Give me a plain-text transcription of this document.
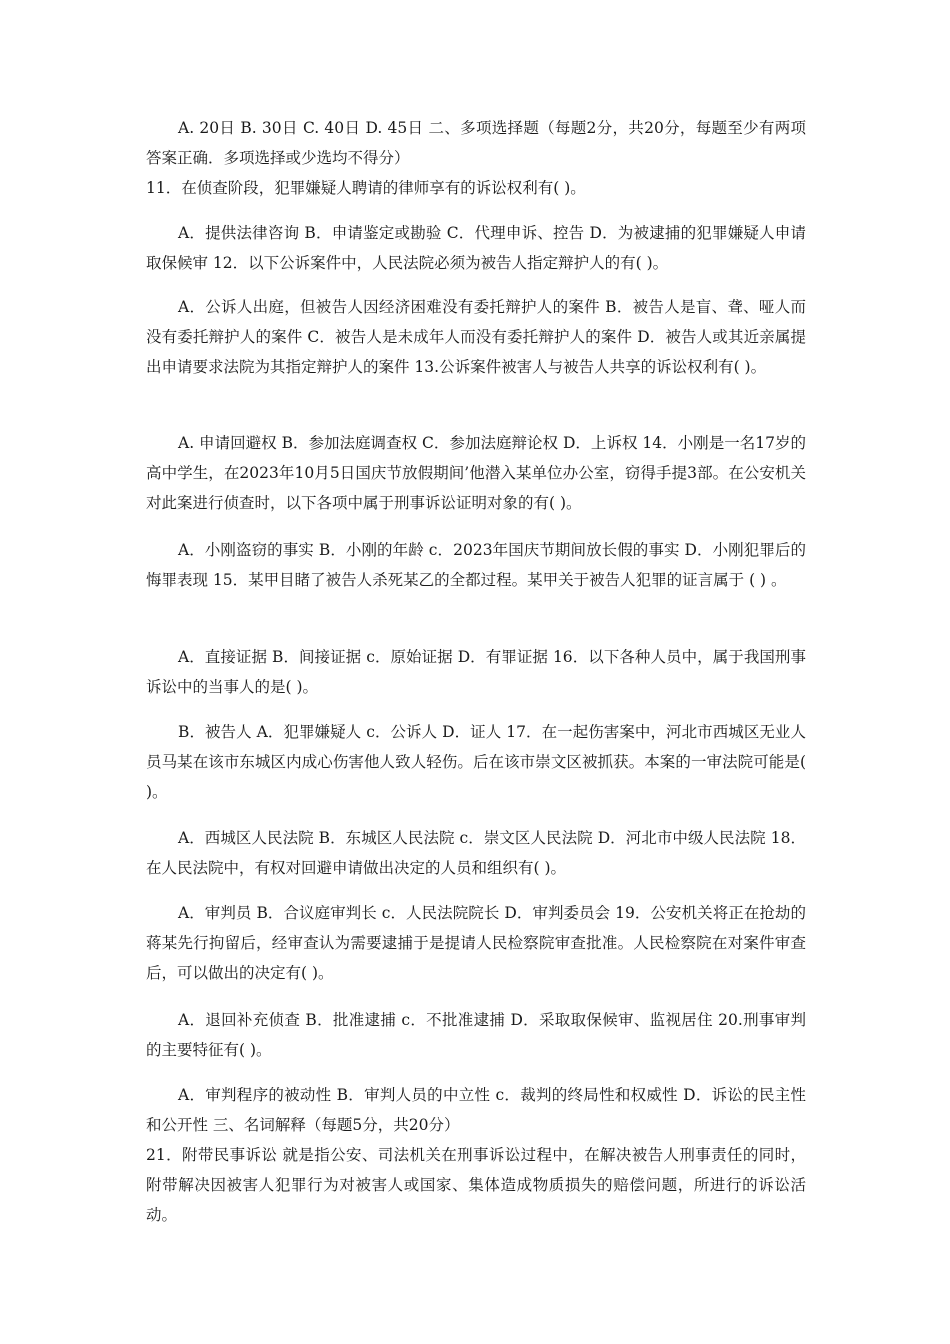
A. 20日 B. 30日 C. 40日 D. 45日 二、多项选择题（每题2分，共20分，每题至少有两项答案正确．多项选择或少选均不得分）

11．在侦查阶段，犯罪嫌疑人聘请的律师享有的诉讼权利有( )。

A．提供法律咨询 B．申请鉴定或勘验 C．代理申诉、控告 D．为被逮捕的犯罪嫌疑人申请取保候审 12．以下公诉案件中，人民法院必须为被告人指定辩护人的有( )。

A．公诉人出庭，但被告人因经济困难没有委托辩护人的案件 B．被告人是盲、聋、哑人而没有委托辩护人的案件 C．被告人是未成年人而没有委托辩护人的案件 D．被告人或其近亲属提出申请要求法院为其指定辩护人的案件 13.公诉案件被害人与被告人共享的诉讼权利有( )。

A. 申请回避权 B．参加法庭调查权 C．参加法庭辩论权 D．上诉权 14．小刚是一名17岁的高中学生，在2023年10月5日国庆节放假期间’他潜入某单位办公室，窃得手提3部。在公安机关对此案进行侦查时，以下各项中属于刑事诉讼证明对象的有( )。

A．小刚盗窃的事实 B．小刚的年龄 c．2023年国庆节期间放长假的事实 D．小刚犯罪后的悔罪表现 15．某甲目睹了被告人杀死某乙的全都过程。某甲关于被告人犯罪的证言属于 ( ) 。

A．直接证据 B．间接证据 c．原始证据 D．有罪证据 16．以下各种人员中，属于我国刑事诉讼中的当事人的是( )。

B．被告人 A．犯罪嫌疑人 c．公诉人 D．证人 17．在一起伤害案中，河北市西城区无业人员马某在该市东城区内成心伤害他人致人轻伤。后在该市崇文区被抓获。本案的一审法院可能是( )。

A．西城区人民法院 B．东城区人民法院 c．崇文区人民法院 D．河北市中级人民法院 18．在人民法院中，有权对回避申请做出决定的人员和组织有( )。

A．审判员 B．合议庭审判长 c．人民法院院长 D．审判委员会 19．公安机关将正在抢劫的蒋某先行拘留后，经审查认为需要逮捕于是提请人民检察院审查批准。人民检察院在对案件审查后，可以做出的决定有( )。

A．退回补充侦查 B．批准逮捕 c．不批准逮捕 D．采取取保候审、监视居住 20.刑事审判的主要特征有( )。

A．审判程序的被动性 B．审判人员的中立性 c．裁判的终局性和权威性 D．诉讼的民主性和公开性 三、名词解释（每题5分，共20分）

21．附带民事诉讼 就是指公安、司法机关在刑事诉讼过程中，在解决被告人刑事责任的同时，附带解决因被害人犯罪行为对被害人或国家、集体造成物质损失的赔偿问题，所进行的诉讼活动。
